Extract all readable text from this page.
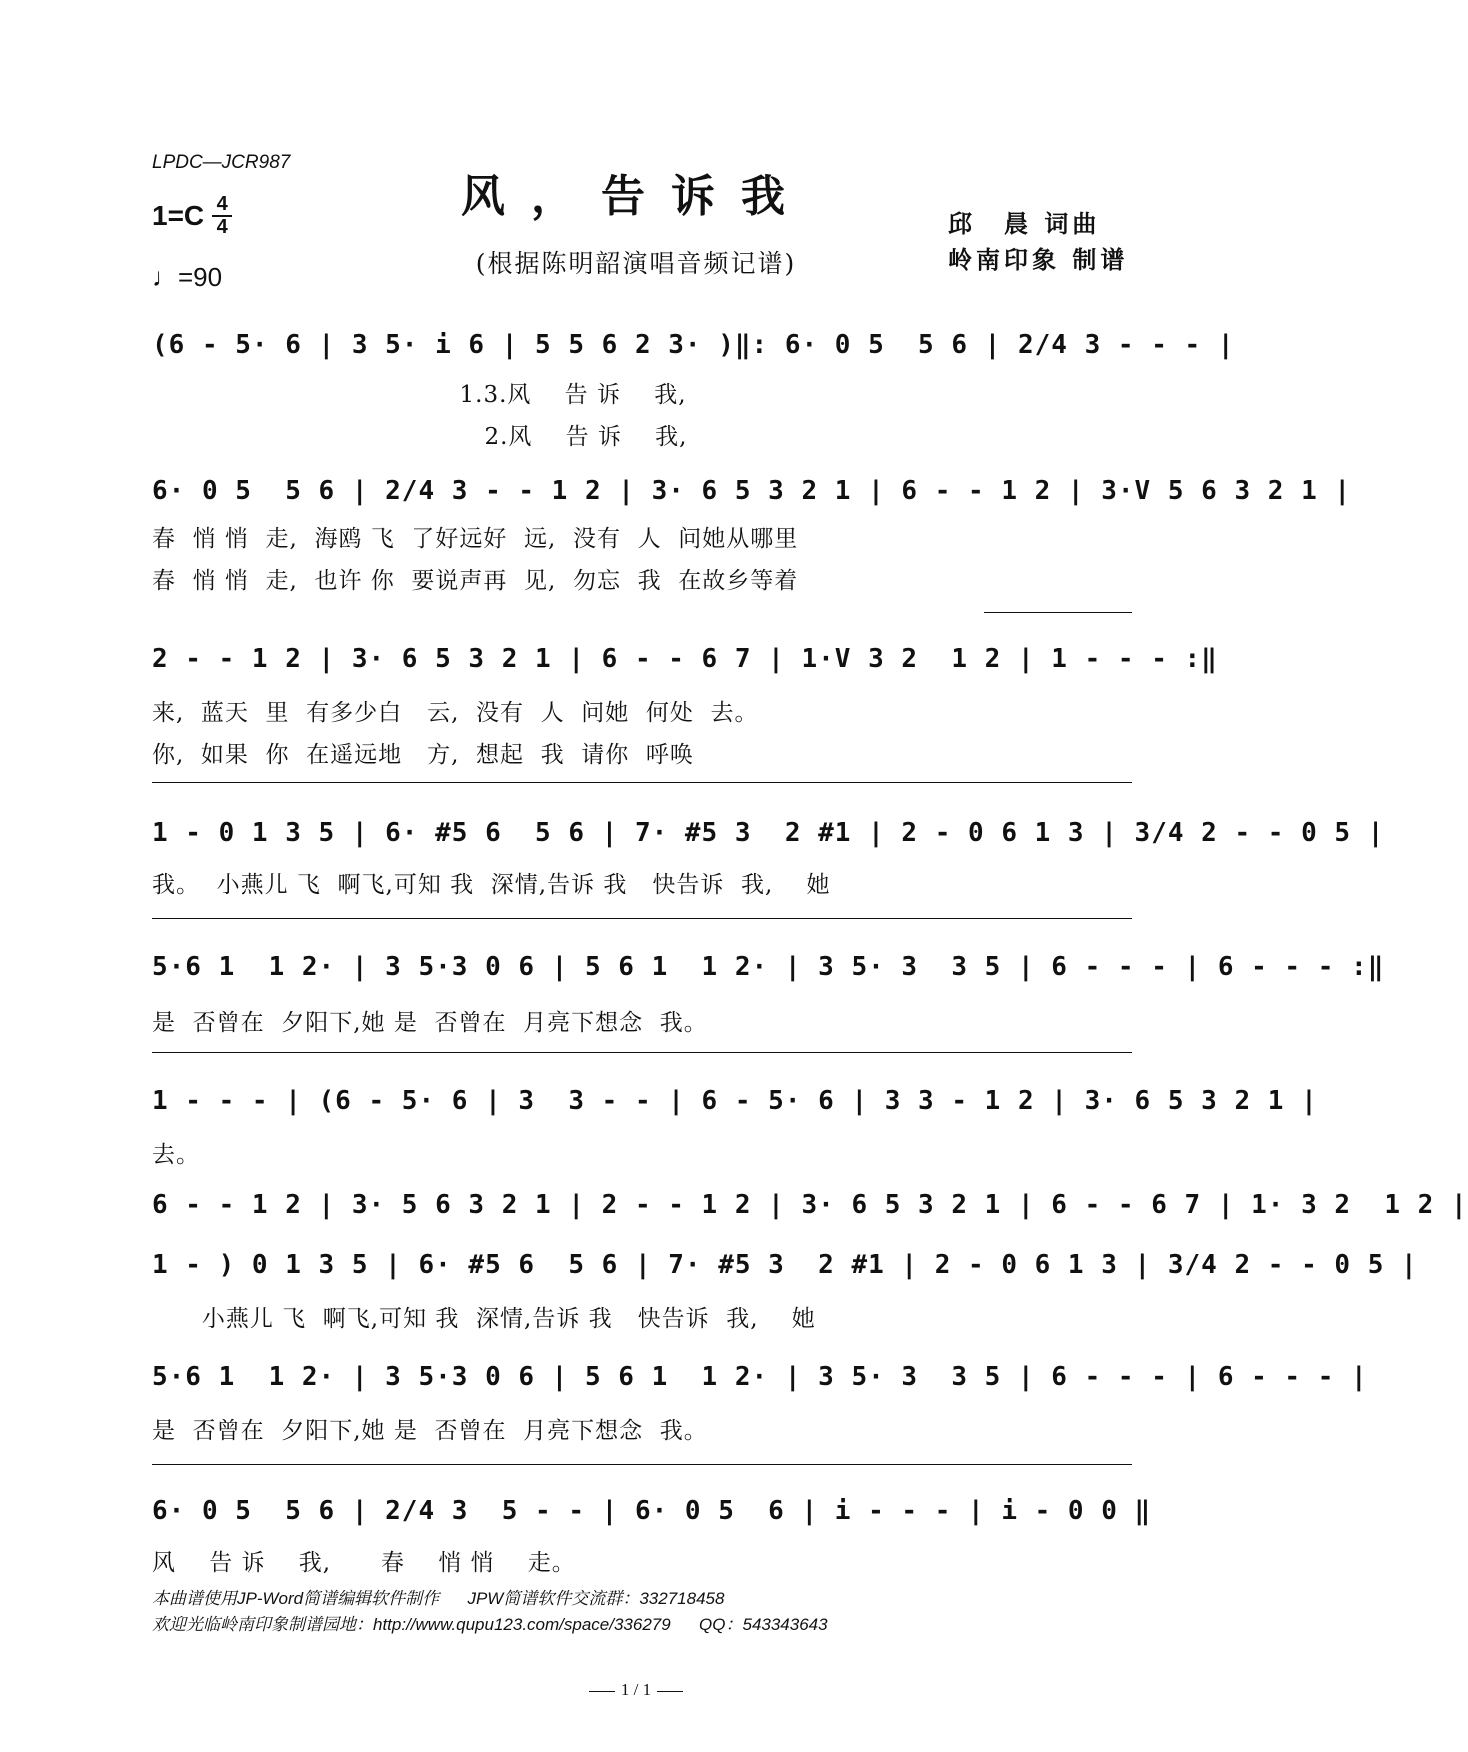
LPDC—JCR987
风，告诉我
(根据陈明韶演唱音频记谱)
$1=C \frac{4}{4}$
♩=90
邱　晨 词曲
岭南印象 制谱
(6 - 5· 6 | 3 5· i 6 | 5 5 6 2 3· )‖: 6· 0 5  5 6 | 2/4 3 - - - |
1.3.风    告 诉    我,
2.风    告 诉    我,
6· 0 5  5 6 | 2/4 3 - - 1 2 | 3· 6 5 3 2 1 | 6 - - 1 2 | 3·V 5 6 3 2 1 |
春  悄 悄  走,  海鸥 飞  了好远好  远,  没有  人  问她从哪里
春  悄 悄  走,  也许 你  要说声再  见,  勿忘  我  在故乡等着
2 - - 1 2 | 3· 6 5 3 2 1 | 6 - - 6 7 | 1·V 3 2  1 2 | 1 - - - :‖
来,  蓝天  里  有多少白   云,  没有  人  问她  何处  去。
你,  如果  你  在遥远地   方,  想起  我  请你  呼唤
1 - 0 1 3 5 | 6· #5 6  5 6 | 7· #5 3  2 #1 | 2 - 0 6 1 3 | 3/4 2 - - 0 5 |
我。  小燕儿 飞  啊飞,可知 我  深情,告诉 我   快告诉  我,    她
5·6 1  1 2· | 3 5·3 0 6 | 5 6 1  1 2· | 3 5· 3  3 5 | 6 - - - | 6 - - - :‖
是  否曾在  夕阳下,她 是  否曾在  月亮下想念  我。
1 - - - | (6 - 5· 6 | 3  3 - - | 6 - 5· 6 | 3 3 - 1 2 | 3· 6 5 3 2 1 |
去。
6 - - 1 2 | 3· 5 6 3 2 1 | 2 - - 1 2 | 3· 6 5 3 2 1 | 6 - - 6 7 | 1· 3 2  1 2 |
1 - ) 0 1 3 5 | 6· #5 6  5 6 | 7· #5 3  2 #1 | 2 - 0 6 1 3 | 3/4 2 - - 0 5 |
小燕儿 飞  啊飞,可知 我  深情,告诉 我   快告诉  我,    她
5·6 1  1 2· | 3 5·3 0 6 | 5 6 1  1 2· | 3 5· 3  3 5 | 6 - - - | 6 - - - |
是  否曾在  夕阳下,她 是  否曾在  月亮下想念  我。
6· 0 5  5 6 | 2/4 3  5 - - | 6· 0 5  6 | i - - - | i - 0 0 ‖
风    告 诉    我,      春    悄 悄    走。
本曲谱使用JP-Word简谱编辑软件制作      JPW简谱软件交流群：332718458
欢迎光临岭南印象制谱园地：http://www.qupu123.com/space/336279      QQ：543343643
1 / 1
